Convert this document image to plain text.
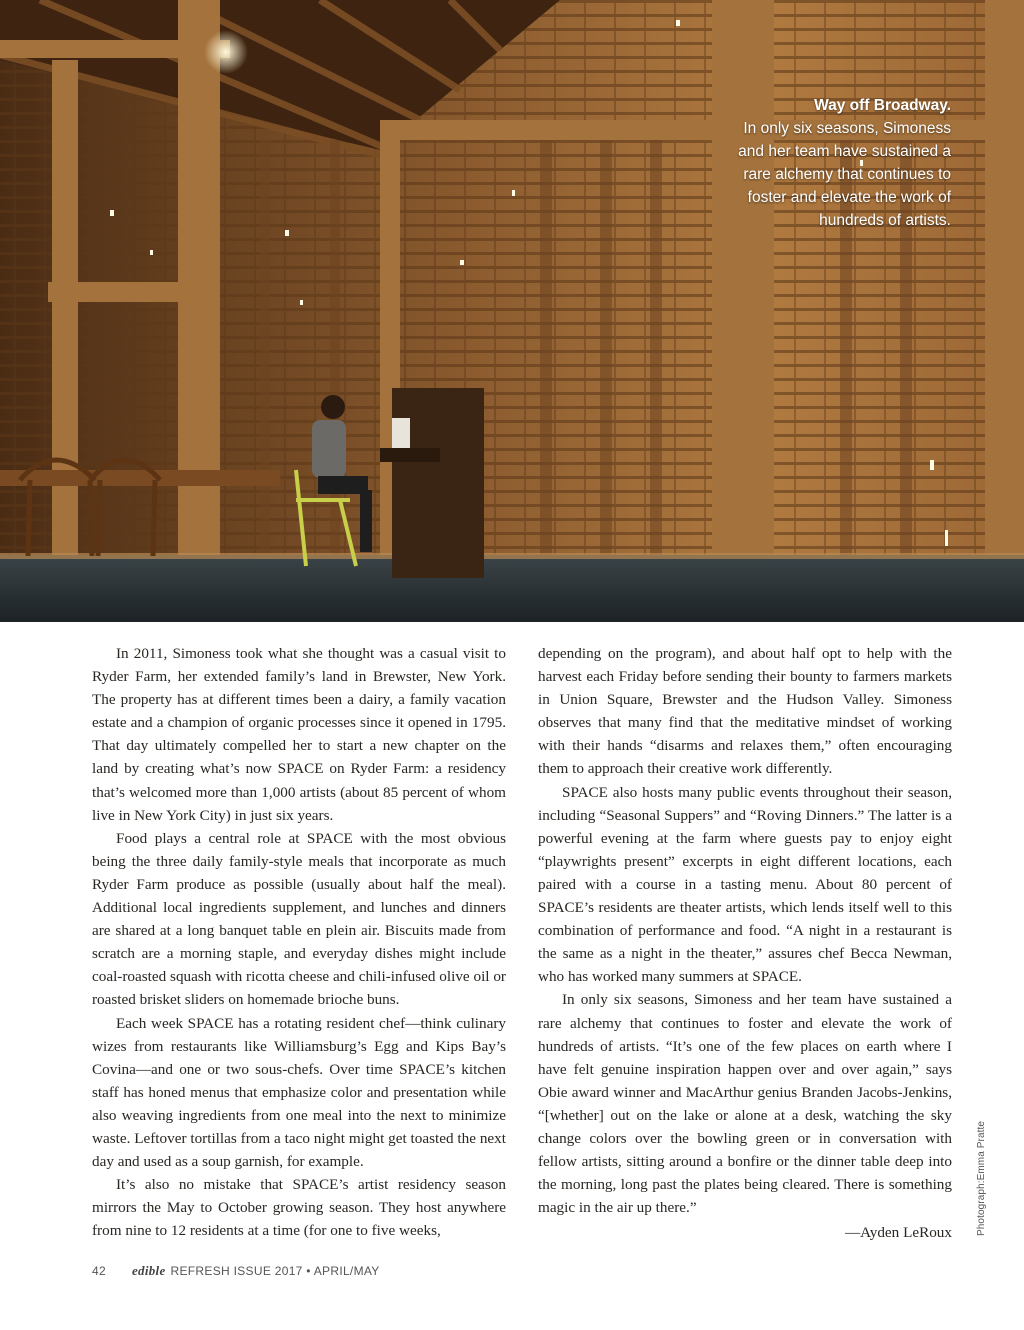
Way off Broadway.
In only six seasons, Simoness and her team have sustained a rare alchemy that continues to foster and elevate the work of hundreds of artists.

In 2011, Simoness took what she thought was a casual visit to Ryder Farm, her extended family’s land in Brewster, New York. The property has at different times been a dairy, a family vacation estate and a champion of organic processes since it opened in 1795. That day ultimately compelled her to start a new chapter on the land by creating what’s now SPACE on Ryder Farm: a residency that’s welcomed more than 1,000 artists (about 85 percent of whom live in New York City) in just six years.

Food plays a central role at SPACE with the most obvious being the three daily family-style meals that incorporate as much Ryder Farm produce as possible (usually about half the meal). Additional local ingredients supplement, and lunches and dinners are shared at a long banquet table en plein air. Biscuits made from scratch are a morning staple, and everyday dishes might include coal-roasted squash with ricotta cheese and chili-infused olive oil or roasted brisket sliders on homemade brioche buns.

Each week SPACE has a rotating resident chef—think culinary wizes from restaurants like Williamsburg’s Egg and Kips Bay’s Covina—and one or two sous-chefs. Over time SPACE’s kitchen staff has honed menus that emphasize color and presentation while also weaving ingredients from one meal into the next to minimize waste. Leftover tortillas from a taco night might get toasted the next day and used as a soup garnish, for example.

It’s also no mistake that SPACE’s artist residency season mirrors the May to October growing season. They host anywhere from nine to 12 residents at a time (for one to five weeks,

depending on the program), and about half opt to help with the harvest each Friday before sending their bounty to farmers markets in Union Square, Brewster and the Hudson Valley. Simoness observes that many find that the meditative mindset of working with their hands “disarms and relaxes them,” often encouraging them to approach their creative work differently.

SPACE also hosts many public events throughout their season, including “Seasonal Suppers” and “Roving Dinners.” The latter is a powerful evening at the farm where guests pay to enjoy eight “playwrights present” excerpts in eight different locations, each paired with a course in a tasting menu. About 80 percent of SPACE’s residents are theater artists, which lends itself well to this combination of performance and food. “A night in a restaurant is the same as a night in the theater,” assures chef Becca Newman, who has worked many summers at SPACE.

In only six seasons, Simoness and her team have sustained a rare alchemy that continues to foster and elevate the work of hundreds of artists. “It’s one of the few places on earth where I have felt genuine inspiration happen over and over again,” says Obie award winner and MacArthur genius Branden Jacobs-Jenkins, “[whether] out on the lake or alone at a desk, watching the sky change colors over the bowling green or in conversation with fellow artists, sitting around a bonfire or the dinner table deep into the morning, long past the plates being cleared. There is something magic in the air up there.”

—Ayden LeRoux Photograph:Emma Pratte
42 edible REFRESH ISSUE 2017 • APRIL/MAY
